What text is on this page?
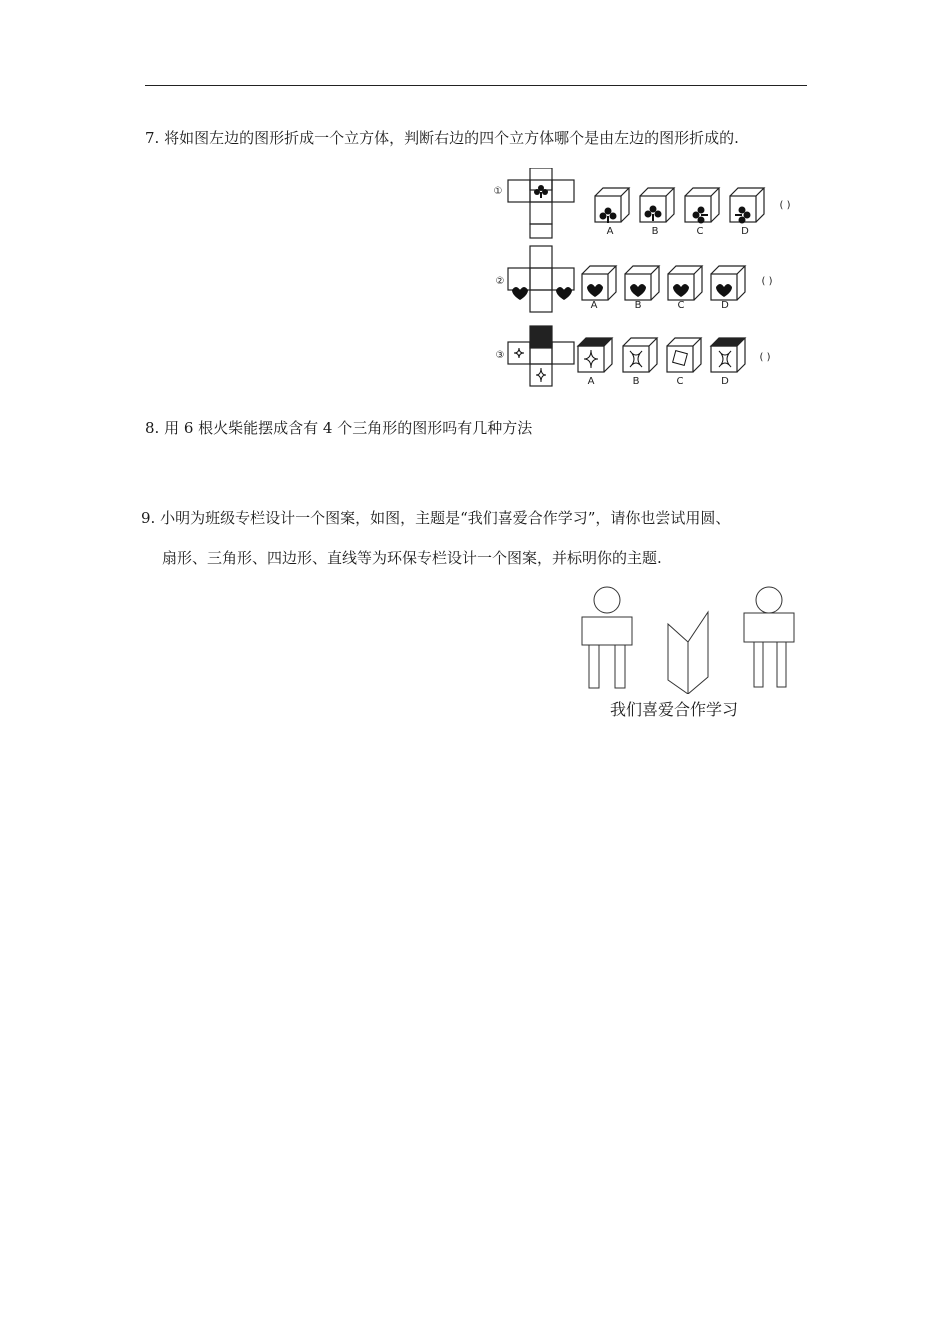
7. 将如图左边的图形折成一个立方体，判断右边的四个立方体哪个是由左边的图形折成的.
①
②
③
A	B	C	D
( )
A	B	C	D
( )
A	B	C	D
( )
8. 用 6 根火柴能摆成含有 4 个三角形的图形吗有几种方法
9. 小明为班级专栏设计一个图案，如图，主题是“我们喜爱合作学习”，请你也尝试用圆、
扇形、三角形、四边形、直线等为环保专栏设计一个图案，并标明你的主题.
我们喜爱合作学习
